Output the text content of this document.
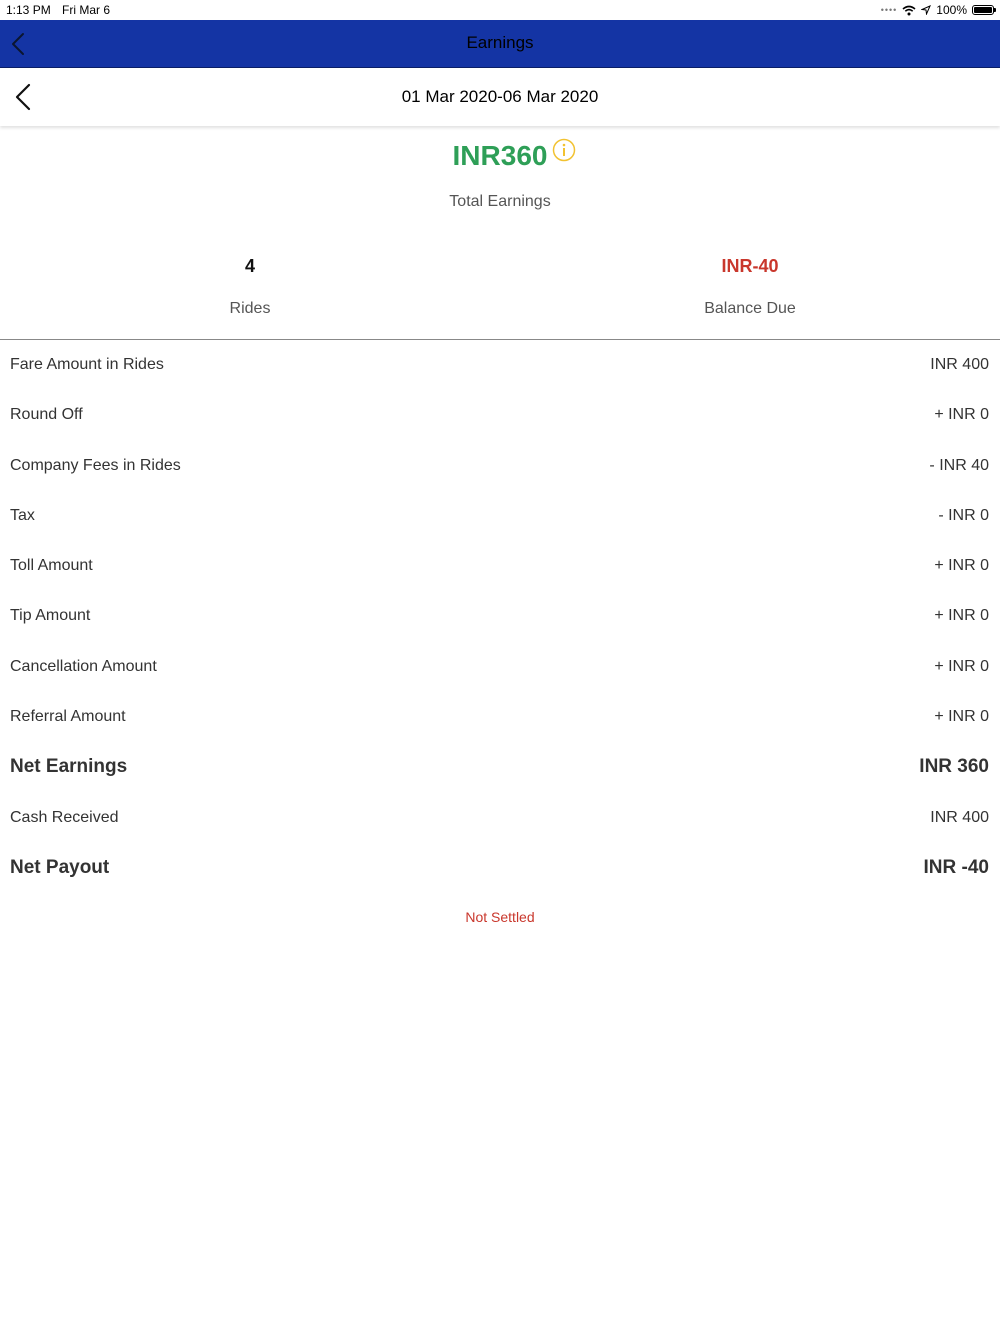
1:13 PM Fri Mar 6	••••	100%
Earnings
01 Mar 2020-06 Mar 2020
INR360
Total Earnings
4
Rides
INR-40
Balance Due
Fare Amount in Rides	INR 400
Round Off	+ INR 0
Company Fees in Rides	- INR 40
Tax	- INR 0
Toll Amount	+ INR 0
Tip Amount	+ INR 0
Cancellation Amount	+ INR 0
Referral Amount	+ INR 0
Net Earnings	INR 360
Cash Received	INR 400
Net Payout	INR -40
Not Settled
